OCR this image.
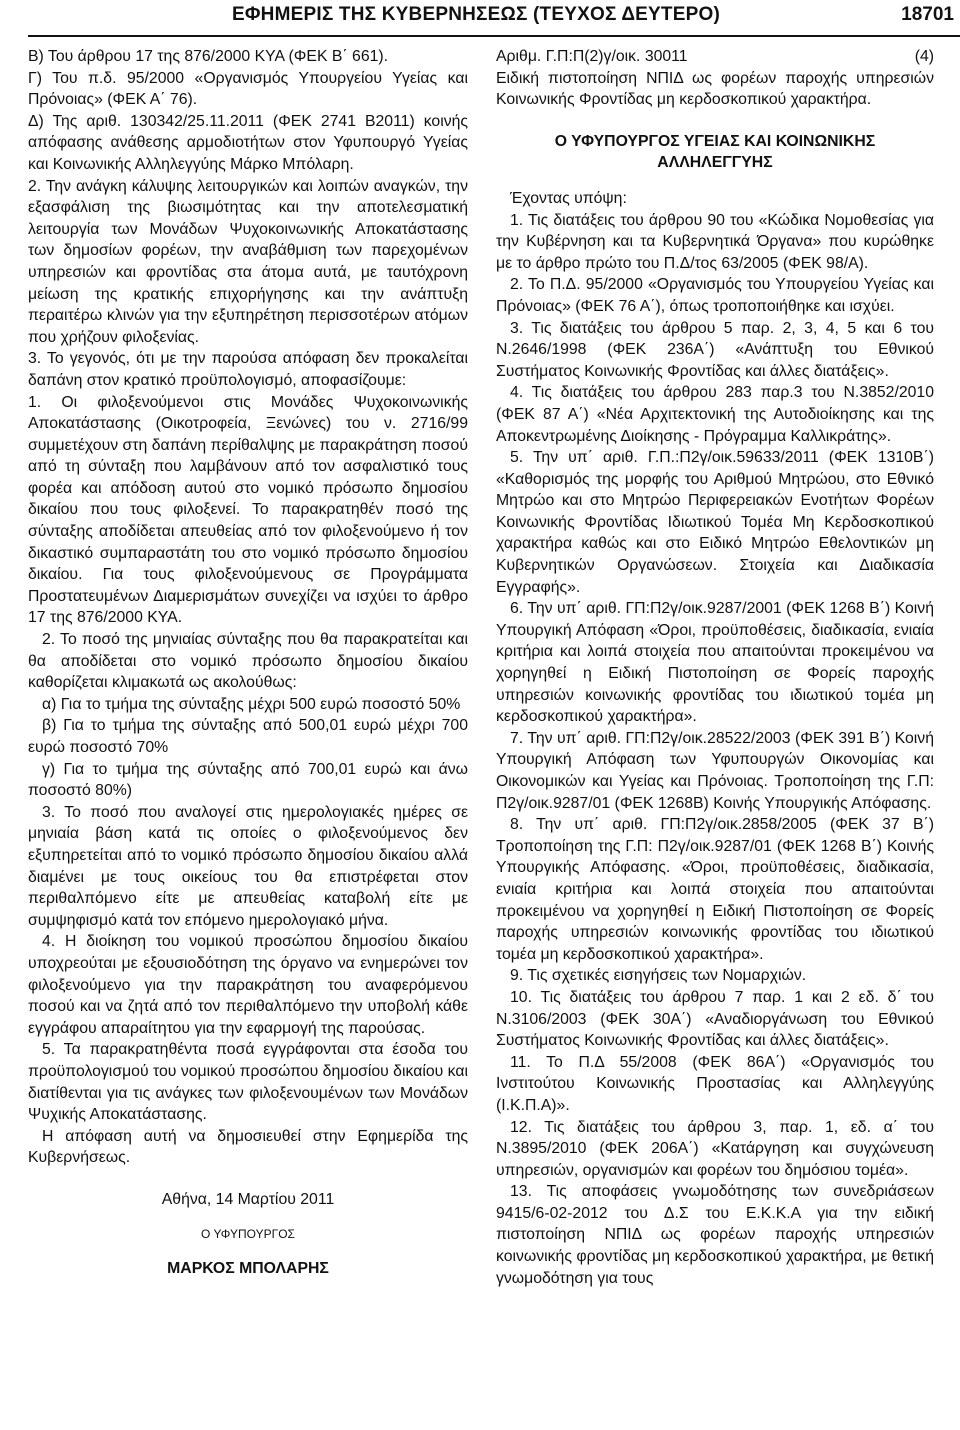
ΕΦΗΜΕΡΙΣ ΤΗΣ ΚΥΒΕΡΝΗΣΕΩΣ (ΤΕΥΧΟΣ ΔΕΥΤΕΡΟ)	18701

Β) Του άρθρου 17 της 876/2000 ΚΥΑ (ΦΕΚ Β΄ 661).

Γ) Του π.δ. 95/2000 «Οργανισμός Υπουργείου Υγείας και Πρόνοιας» (ΦΕΚ Α΄ 76).

Δ) Της αριθ. 130342/25.11.2011 (ΦΕΚ 2741 Β2011) κοινής απόφασης ανάθεσης αρμοδιοτήτων στον Υφυπουργό Υγείας και Κοινωνικής Αλληλεγγύης Μάρκο Μπόλαρη.

2. Την ανάγκη κάλυψης λειτουργικών και λοιπών αναγκών, την εξασφάλιση της βιωσιμότητας και την αποτελεσματική λειτουργία των Μονάδων Ψυχοκοινωνικής Αποκατάστασης των δημοσίων φορέων, την αναβάθμιση των παρεχομένων υπηρεσιών και φροντίδας στα άτομα αυτά, με ταυτόχρονη μείωση της κρατικής επιχορήγησης και την ανάπτυξη περαιτέρω κλινών για την εξυπηρέτηση περισσοτέρων ατόμων που χρήζουν φιλοξενίας.

3. Το γεγονός, ότι με την παρούσα απόφαση δεν προκαλείται δαπάνη στον κρατικό προϋπολογισμό, αποφασίζουμε:

1. Οι φιλοξενούμενοι στις Μονάδες Ψυχοκοινωνικής Αποκατάστασης (Οικοτροφεία, Ξενώνες) του ν. 2716/99 συμμετέχουν στη δαπάνη περίθαλψης με παρακράτηση ποσού από τη σύνταξη που λαμβάνουν από τον ασφαλιστικό τους φορέα και απόδοση αυτού στο νομικό πρόσωπο δημοσίου δικαίου που τους φιλοξενεί. Το παρακρατηθέν ποσό της σύνταξης αποδίδεται απευθείας από τον φιλοξενούμενο ή τον δικαστικό συμπαραστάτη του στο νομικό πρόσωπο δημοσίου δικαίου. Για τους φιλοξενούμενους σε Προγράμματα Προστατευμένων Διαμερισμάτων συνεχίζει να ισχύει το άρθρο 17 της 876/2000 ΚΥΑ.

2. Το ποσό της μηνιαίας σύνταξης που θα παρακρατείται και θα αποδίδεται στο νομικό πρόσωπο δημοσίου δικαίου καθορίζεται κλιμακωτά ως ακολούθως:

α) Για το τμήμα της σύνταξης μέχρι 500 ευρώ ποσοστό 50%

β) Για το τμήμα της σύνταξης από 500,01 ευρώ μέχρι 700 ευρώ ποσοστό 70%

γ) Για το τμήμα της σύνταξης από 700,01 ευρώ και άνω ποσοστό 80%)

3. Το ποσό που αναλογεί στις ημερολογιακές ημέρες σε μηνιαία βάση κατά τις οποίες ο φιλοξενούμενος δεν εξυπηρετείται από το νομικό πρόσωπο δημοσίου δικαίου αλλά διαμένει με τους οικείους του θα επιστρέφεται στον περιθαλπόμενο είτε με απευθείας καταβολή είτε με συμψηφισμό κατά τον επόμενο ημερολογιακό μήνα.

4. Η διοίκηση του νομικού προσώπου δημοσίου δικαίου υποχρεούται με εξουσιοδότηση της όργανο να ενημερώνει τον φιλοξενούμενο για την παρακράτηση του αναφερόμενου ποσού και να ζητά από τον περιθαλπόμενο την υποβολή κάθε εγγράφου απαραίτητου για την εφαρμογή της παρούσας.

5. Τα παρακρατηθέντα ποσά εγγράφονται στα έσοδα του προϋπολογισμού του νομικού προσώπου δημοσίου δικαίου και διατίθενται για τις ανάγκες των φιλοξενουμένων των Μονάδων Ψυχικής Αποκατάστασης.

Η απόφαση αυτή να δημοσιευθεί στην Εφημερίδα της Κυβερνήσεως.

Αθήνα, 14 Μαρτίου 2011
Ο ΥΦΥΠΟΥΡΓΟΣ
ΜΑΡΚΟΣ ΜΠΟΛΑΡΗΣ
Αριθμ. Γ.Π:Π(2)γ/οικ. 30011	(4)

Ειδική πιστοποίηση ΝΠΙΔ ως φορέων παροχής υπηρεσιών Κοινωνικής Φροντίδας μη κερδοσκοπικού χαρακτήρα.

Ο ΥΦΥΠΟΥΡΓΟΣ ΥΓΕΙΑΣ ΚΑΙ ΚΟΙΝΩΝΙΚΗΣ ΑΛΛΗΛΕΓΓΥΗΣ

Έχοντας υπόψη:

1. Τις διατάξεις του άρθρου 90 του «Κώδικα Νομοθεσίας για την Κυβέρνηση και τα Κυβερνητικά Όργανα» που κυρώθηκε με το άρθρο πρώτο του Π.Δ/τος 63/2005 (ΦΕΚ 98/Α).

2. Το Π.Δ. 95/2000 «Οργανισμός του Υπουργείου Υγείας και Πρόνοιας» (ΦΕΚ 76 Α΄), όπως τροποποιήθηκε και ισχύει.

3. Τις διατάξεις του άρθρου 5 παρ. 2, 3, 4, 5 και 6 του Ν.2646/1998 (ΦΕΚ 236Α΄) «Ανάπτυξη του Εθνικού Συστήματος Κοινωνικής Φροντίδας και άλλες διατάξεις».

4. Τις διατάξεις του άρθρου 283 παρ.3 του Ν.3852/2010 (ΦΕΚ 87 Α΄) «Νέα Αρχιτεκτονική της Αυτοδιοίκησης και της Αποκεντρωμένης Διοίκησης - Πρόγραμμα Καλλικράτης».

5. Την υπ΄ αριθ. Γ.Π.:Π2γ/οικ.59633/2011 (ΦΕΚ 1310Β΄) «Καθορισμός της μορφής του Αριθμού Μητρώου, στο Εθνικό Μητρώο και στο Μητρώο Περιφερειακών Ενοτήτων Φορέων Κοινωνικής Φροντίδας Ιδιωτικού Τομέα Μη Κερδοσκοπικού χαρακτήρα καθώς και στο Ειδικό Μητρώο Εθελοντικών μη Κυβερνητικών Οργανώσεων. Στοιχεία και Διαδικασία Εγγραφής».

6. Την υπ΄ αριθ. ΓΠ:Π2γ/οικ.9287/2001 (ΦΕΚ 1268 Β΄) Κοινή Υπουργική Απόφαση «Όροι, προϋποθέσεις, διαδικασία, ενιαία κριτήρια και λοιπά στοιχεία που απαιτούνται προκειμένου να χορηγηθεί η Ειδική Πιστοποίηση σε Φορείς παροχής υπηρεσιών κοινωνικής φροντίδας του ιδιωτικού τομέα μη κερδοσκοπικού χαρακτήρα».

7. Την υπ΄ αριθ. ΓΠ:Π2γ/οικ.28522/2003 (ΦΕΚ 391 Β΄) Κοινή Υπουργική Απόφαση των Υφυπουργών Οικονομίας και Οικονομικών και Υγείας και Πρόνοιας. Τροποποίηση της Γ.Π: Π2γ/οικ.9287/01 (ΦΕΚ 1268Β) Κοινής Υπουργικής Απόφασης.

8. Την υπ΄ αριθ. ΓΠ:Π2γ/οικ.2858/2005 (ΦΕΚ 37 Β΄) Τροποποίηση της Γ.Π: Π2γ/οικ.9287/01 (ΦΕΚ 1268 Β΄) Κοινής Υπουργικής Απόφασης. «Όροι, προϋποθέσεις, διαδικασία, ενιαία κριτήρια και λοιπά στοιχεία που απαιτούνται προκειμένου να χορηγηθεί η Ειδική Πιστοποίηση σε Φορείς παροχής υπηρεσιών κοινωνικής φροντίδας του ιδιωτικού τομέα μη κερδοσκοπικού χαρακτήρα».

9. Τις σχετικές εισηγήσεις των Νομαρχιών.

10. Τις διατάξεις του άρθρου 7 παρ. 1 και 2 εδ. δ΄ του Ν.3106/2003 (ΦΕΚ 30Α΄) «Αναδιοργάνωση του Εθνικού Συστήματος Κοινωνικής Φροντίδας και άλλες διατάξεις».

11. Το Π.Δ 55/2008 (ΦΕΚ 86Α΄) «Οργανισμός του Ινστιτούτου Κοινωνικής Προστασίας και Αλληλεγγύης (Ι.Κ.Π.Α)».

12. Τις διατάξεις του άρθρου 3, παρ. 1, εδ. α΄ του Ν.3895/2010 (ΦΕΚ 206Α΄) «Κατάργηση και συγχώνευση υπηρεσιών, οργανισμών και φορέων του δημόσιου τομέα».

13. Τις αποφάσεις γνωμοδότησης των συνεδριάσεων 9415/6-02-2012 του Δ.Σ του Ε.Κ.Κ.Α για την ειδική πιστοποίηση ΝΠΙΔ ως φορέων παροχής υπηρεσιών κοινωνικής φροντίδας μη κερδοσκοπικού χαρακτήρα, με θετική γνωμοδότηση για τους
